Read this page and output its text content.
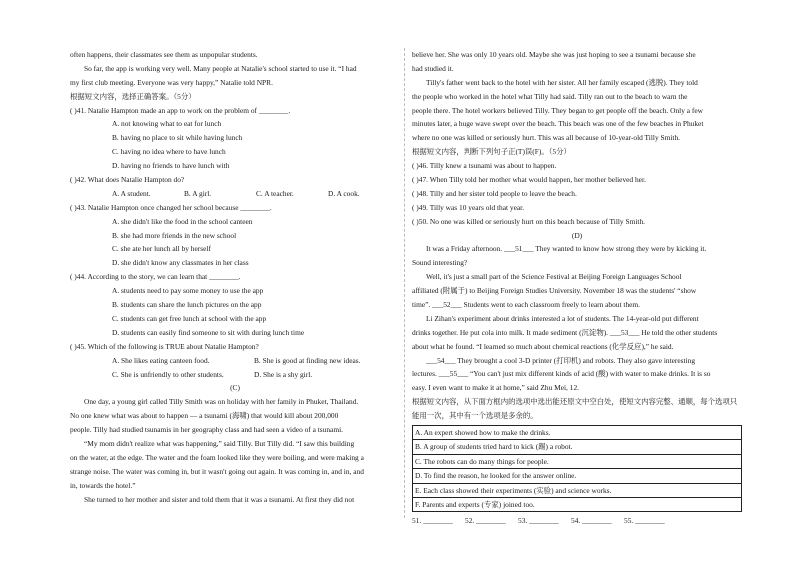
often happens, their classmates see them as unpopular students.
So far, the app is working very well. Many people at Natalie's school started to use it. “I had
my first club meeting. Everyone was very happy,” Natalie told NPR.
根据短文内容，选择正确答案。（5分）
( )41. Natalie Hampton made an app to work on the problem of ________.
A. not knowing what to eat for lunch
B. having no place to sit while having lunch
C. having no idea where to have lunch
D. having no friends to have lunch with
( )42. What does Natalie Hampton do?
A. A student.	B. A girl.	C. A teacher.	D. A cook.
( )43. Natalie Hampton once changed her school because ________.
A. she didn't like the food in the school canteen
B. she had more friends in the new school
C. she ate her lunch all by herself
D. she didn't know any classmates in her class
( )44. According to the story, we can learn that ________.
A. students need to pay some money to use the app
B. students can share the lunch pictures on the app
C. students can get free lunch at school with the app
D. students can easily find someone to sit with during lunch time
( )45. Which of the following is TRUE about Natalie Hampton?
A. She likes eating canteen food.	B. She is good at finding new ideas.
C. She is unfriendly to other students.	D. She is a shy girl.
(C)
One day, a young girl called Tilly Smith was on holiday with her family in Phuket, Thailand.
No one knew what was about to happen — a tsunami (海啸) that would kill about 200,000
people. Tilly had studied tsunamis in her geography class and had seen a video of a tsunami.
“My mom didn't realize what was happening,” said Tilly. But Tilly did. “I saw this building
on the water, at the edge. The water and the foam looked like they were boiling, and were making a
strange noise. The water was coming in, but it wasn't going out again. It was coming in, and in, and
in, towards the hotel.”
She turned to her mother and sister and told them that it was a tsunami. At first they did not
believe her. She was only 10 years old. Maybe she was just hoping to see a tsunami because she
had studied it.
Tilly's father went back to the hotel with her sister. All her family escaped (逃脱). They told
the people who worked in the hotel what Tilly had said. Tilly ran out to the beach to warn the
people there. The hotel workers believed Tilly. They began to get people off the beach. Only a few
minutes later, a huge wave swept over the beach. This beach was one of the few beaches in Phuket
where no one was killed or seriously hurt. This was all because of 10-year-old Tilly Smith.
根据短文内容，判断下列句子正(T)误(F)。（5分）
( )46. Tilly knew a tsunami was about to happen.
( )47. When Tilly told her mother what would happen, her mother believed her.
( )48. Tilly and her sister told people to leave the beach.
( )49. Tilly was 10 years old that year.
( )50. No one was killed or seriously hurt on this beach because of Tilly Smith.
(D)
It was a Friday afternoon. ___51___ They wanted to know how strong they were by kicking it.
Sound interesting?
Well, it's just a small part of the Science Festival at Beijing Foreign Languages School
affiliated (附属于) to Beijing Foreign Studies University. November 18 was the students' “show
time”. ___52___ Students went to each classroom freely to learn about them.
Li Zihan's experiment about drinks interested a lot of students. The 14-year-old put different
drinks together. He put cola into milk. It made sediment (沉淀物). ___53___ He told the other students
about what he found. “I learned so much about chemical reactions (化学反应),” he said.
___54___ They brought a cool 3-D printer (打印机) and robots. They also gave interesting
lectures. ___55___ “You can't just mix different kinds of acid (酸) with water to make drinks. It is so
easy. I even want to make it at home,” said Zhu Mei, 12.
根据短文内容，从下面方框内的选项中选出能还原文中空白处，使短文内容完整、通顺，每个选项只
能用一次，其中有一个选项是多余的。
A. An expert showed how to make the drinks.
B. A group of students tried hard to kick (踢) a robot.
C. The robots can do many things for people.
D. To find the reason, he looked for the answer online.
E. Each class showed their experiments (实验) and science works.
F. Parents and experts (专家) joined too.
51. ________	52. ________	53. ________	54. ________	55. ________
